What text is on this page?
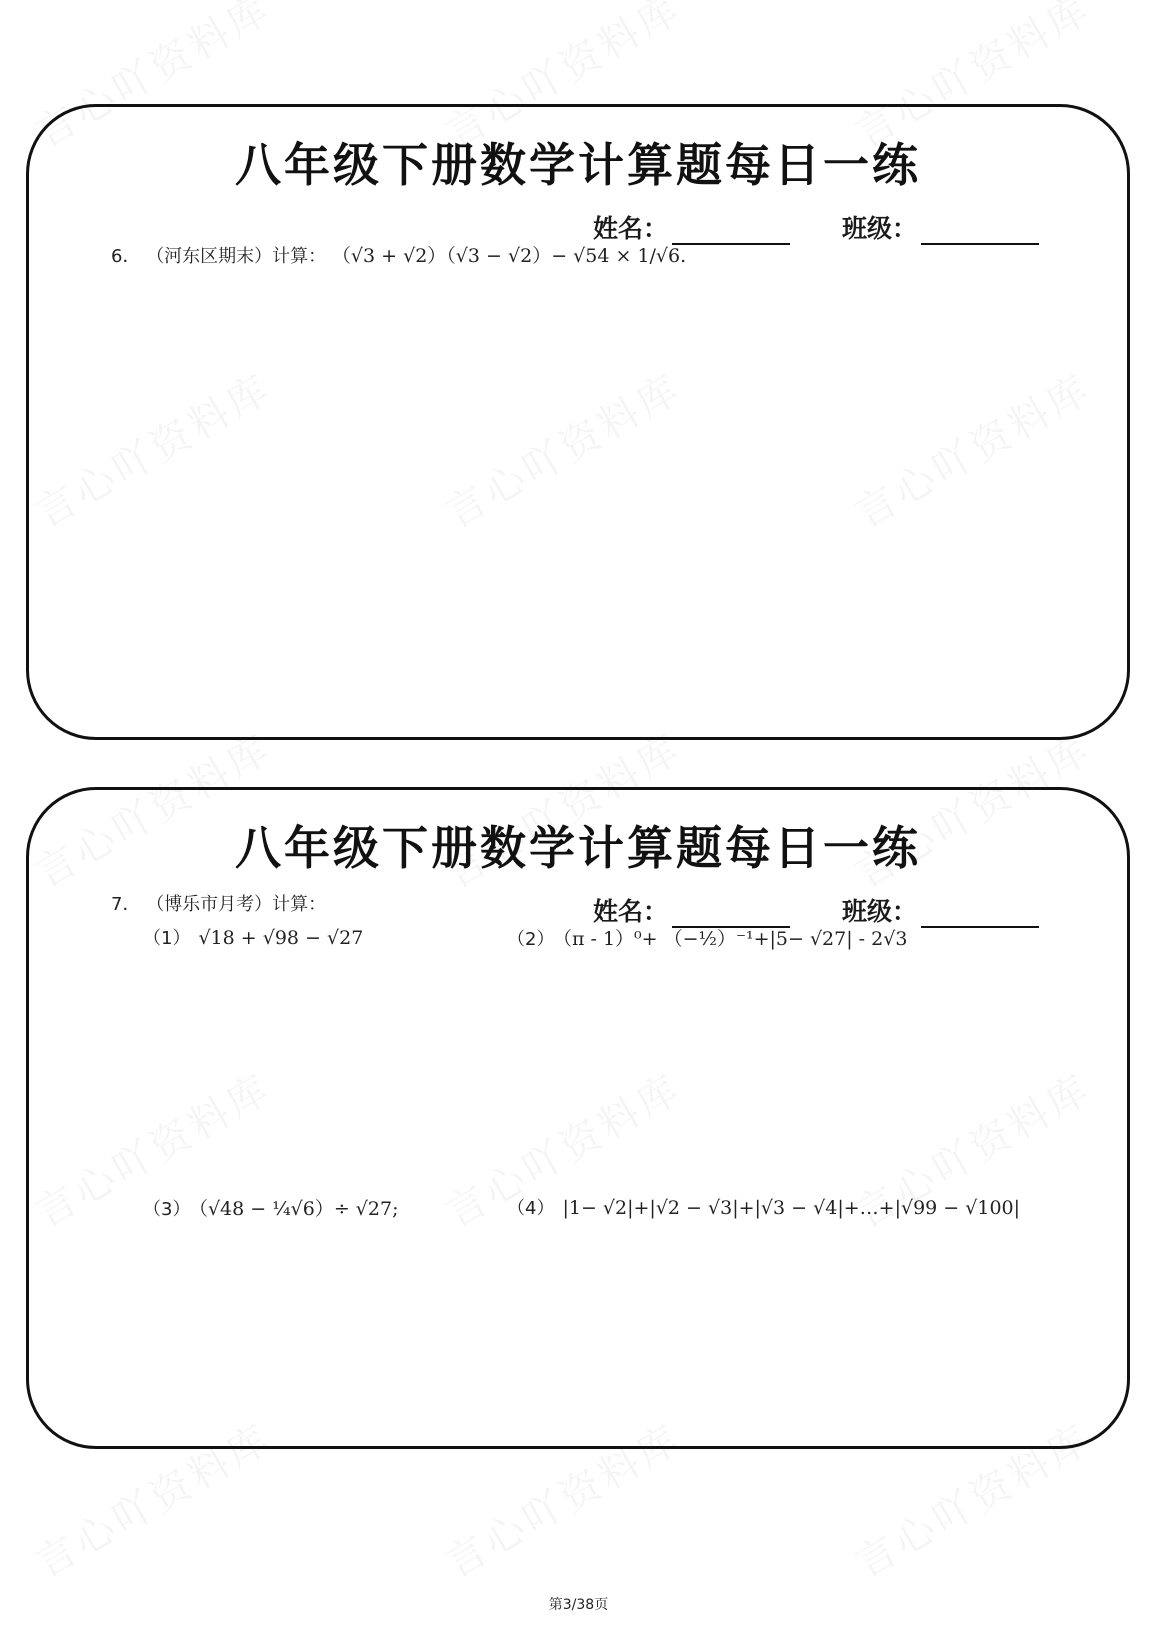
八年级下册数学计算题每日一练
姓名：	班级：
6． （河东区期末）计算： （√3 + √2）（√3 − √2）− √54 × 1/√6.
八年级下册数学计算题每日一练
姓名：	班级：
7． （博乐市月考）计算：
（1） √18 + √98 − √27	（2） （π - 1）⁰+ （−½）⁻¹+|5− √27| - 2√3
（3） （√48 − ¼√6）÷ √27;	（4） |1− √2|+|√2 − √3|+|√3 − √4|+…+|√99 − √100|
第3/38页
